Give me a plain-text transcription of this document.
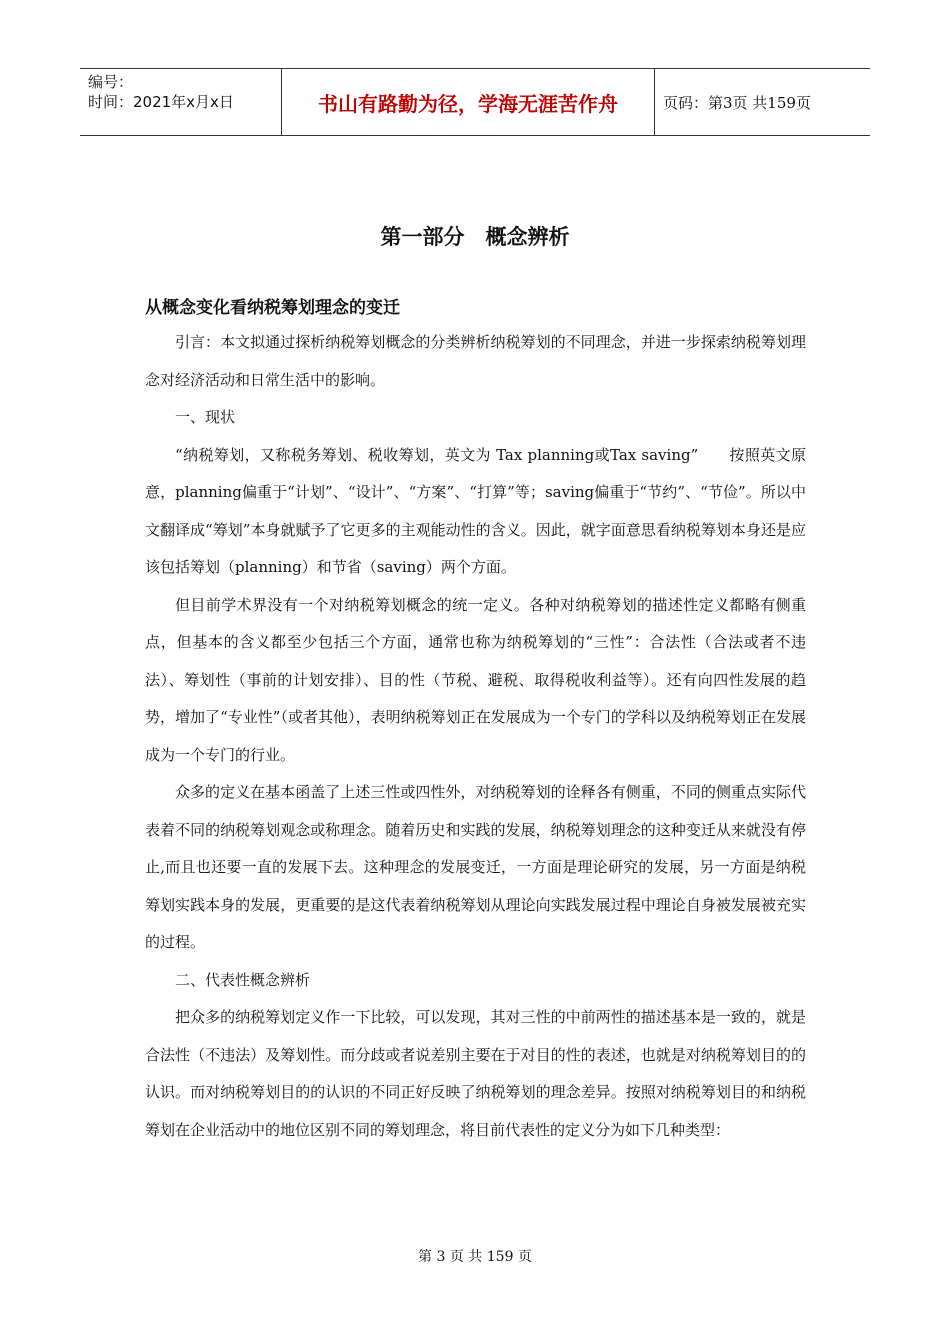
编号：
时间：2021年x月x日	书山有路勤为径，学海无涯苦作舟	页码：第3页 共159页
第一部分　概念辨析
从概念变化看纳税筹划理念的变迁

引言：本文拟通过探析纳税筹划概念的分类辨析纳税筹划的不同理念，并进一步探索纳税筹划理念对经济活动和日常生活中的影响。

一、现状

“纳税筹划，又称税务筹划、税收筹划，英文为 Tax planning或Tax saving”　　按照英文原意，planning偏重于“计划”、“设计”、“方案”、“打算”等；saving偏重于“节约”、“节俭”。所以中文翻译成“筹划”本身就赋予了它更多的主观能动性的含义。因此，就字面意思看纳税筹划本身还是应该包括筹划（planning）和节省（saving）两个方面。

但目前学术界没有一个对纳税筹划概念的统一定义。各种对纳税筹划的描述性定义都略有侧重点，但基本的含义都至少包括三个方面，通常也称为纳税筹划的“三性”：合法性（合法或者不违法）、筹划性（事前的计划安排）、目的性（节税、避税、取得税收利益等）。还有向四性发展的趋势，增加了“专业性”（或者其他），表明纳税筹划正在发展成为一个专门的学科以及纳税筹划正在发展成为一个专门的行业。

众多的定义在基本函盖了上述三性或四性外，对纳税筹划的诠释各有侧重，不同的侧重点实际代表着不同的纳税筹划观念或称理念。随着历史和实践的发展，纳税筹划理念的这种变迁从来就没有停止,而且也还要一直的发展下去。这种理念的发展变迁，一方面是理论研究的发展，另一方面是纳税筹划实践本身的发展，更重要的是这代表着纳税筹划从理论向实践发展过程中理论自身被发展被充实的过程。

二、代表性概念辨析

把众多的纳税筹划定义作一下比较，可以发现，其对三性的中前两性的描述基本是一致的，就是合法性（不违法）及筹划性。而分歧或者说差别主要在于对目的性的表述，也就是对纳税筹划目的的认识。而对纳税筹划目的的认识的不同正好反映了纳税筹划的理念差异。按照对纳税筹划目的和纳税筹划在企业活动中的地位区别不同的筹划理念，将目前代表性的定义分为如下几种类型：

第 3 页 共 159 页
